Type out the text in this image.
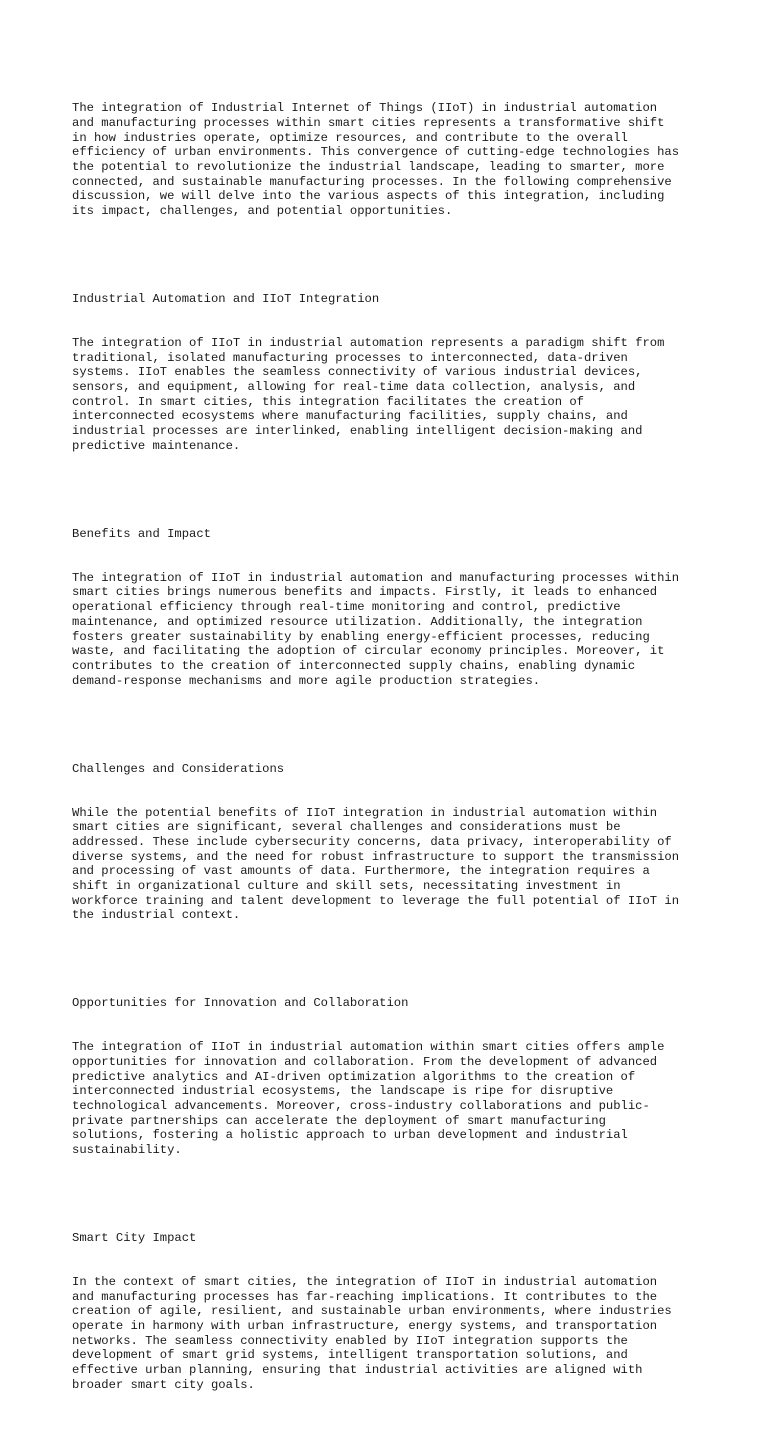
The integration of Industrial Internet of Things (IIoT) in industrial automation
and manufacturing processes within smart cities represents a transformative shift
in how industries operate, optimize resources, and contribute to the overall
efficiency of urban environments. This convergence of cutting-edge technologies has
the potential to revolutionize the industrial landscape, leading to smarter, more
connected, and sustainable manufacturing processes. In the following comprehensive
discussion, we will delve into the various aspects of this integration, including
its impact, challenges, and potential opportunities.

Industrial Automation and IIoT Integration

The integration of IIoT in industrial automation represents a paradigm shift from
traditional, isolated manufacturing processes to interconnected, data-driven
systems. IIoT enables the seamless connectivity of various industrial devices,
sensors, and equipment, allowing for real-time data collection, analysis, and
control. In smart cities, this integration facilitates the creation of
interconnected ecosystems where manufacturing facilities, supply chains, and
industrial processes are interlinked, enabling intelligent decision-making and
predictive maintenance.

Benefits and Impact

The integration of IIoT in industrial automation and manufacturing processes within
smart cities brings numerous benefits and impacts. Firstly, it leads to enhanced
operational efficiency through real-time monitoring and control, predictive
maintenance, and optimized resource utilization. Additionally, the integration
fosters greater sustainability by enabling energy-efficient processes, reducing
waste, and facilitating the adoption of circular economy principles. Moreover, it
contributes to the creation of interconnected supply chains, enabling dynamic
demand-response mechanisms and more agile production strategies.

Challenges and Considerations

While the potential benefits of IIoT integration in industrial automation within
smart cities are significant, several challenges and considerations must be
addressed. These include cybersecurity concerns, data privacy, interoperability of
diverse systems, and the need for robust infrastructure to support the transmission
and processing of vast amounts of data. Furthermore, the integration requires a
shift in organizational culture and skill sets, necessitating investment in
workforce training and talent development to leverage the full potential of IIoT in
the industrial context.

Opportunities for Innovation and Collaboration

The integration of IIoT in industrial automation within smart cities offers ample
opportunities for innovation and collaboration. From the development of advanced
predictive analytics and AI-driven optimization algorithms to the creation of
interconnected industrial ecosystems, the landscape is ripe for disruptive
technological advancements. Moreover, cross-industry collaborations and public-
private partnerships can accelerate the deployment of smart manufacturing
solutions, fostering a holistic approach to urban development and industrial
sustainability.

Smart City Impact

In the context of smart cities, the integration of IIoT in industrial automation
and manufacturing processes has far-reaching implications. It contributes to the
creation of agile, resilient, and sustainable urban environments, where industries
operate in harmony with urban infrastructure, energy systems, and transportation
networks. The seamless connectivity enabled by IIoT integration supports the
development of smart grid systems, intelligent transportation solutions, and
effective urban planning, ensuring that industrial activities are aligned with
broader smart city goals.
